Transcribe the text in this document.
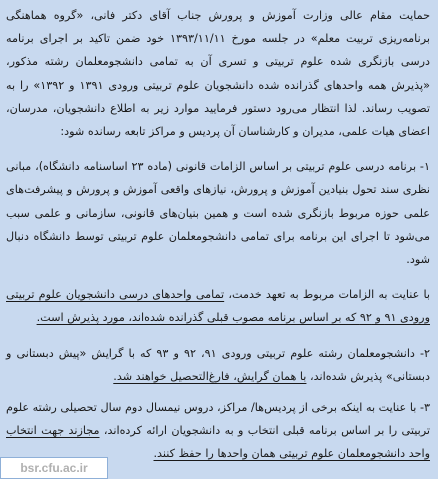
حمایت مقام عالی وزارت آموزش و پرورش جناب آقای دکتر فانی، «گروه هماهنگی برنامه‌ریزی تربیت معلم» در جلسه مورخ ۱۳۹۳/۱۱/۱۱ خود ضمن تاکید بر اجرای برنامه درسی بازنگری شده علوم تربیتی و تسری آن به تمامی دانشجومعلمان رشته مذکور، «پذیرش همه واحدهای گذرانده شده دانشجویان علوم تربیتی ورودی ۱۳۹۱ و ۱۳۹۲» را به تصویب رساند. لذا انتظار می‌رود دستور فرمایید موارد زیر به اطلاع دانشجویان، مدرسان، اعضای هیات علمی، مدیران و کارشناسان آن پردیس و مراکز تابعه رسانده شود:

۱- برنامه درسی علوم تربیتی بر اساس الزامات قانونی (ماده ۲۳ اساسنامه دانشگاه)، مبانی نظری سند تحول بنیادین آموزش و پرورش، نیازهای واقعی آموزش و پرورش و پیشرفت‌های علمی حوزه مربوط بازنگری شده است و همین بنیان‌های قانونی، سازمانی و علمی سبب می‌شود تا اجرای این برنامه برای تمامی دانشجومعلمان علوم تربیتی توسط دانشگاه دنبال شود.

با عنایت به الزامات مربوط به تعهد خدمت، تمامی واحدهای درسی دانشجویان علوم تربیتی ورودی ۹۱ و ۹۲ که بر اساس برنامه مصوب قبلی گذرانده شده‌اند، مورد پذیرش است.

۲- دانشجومعلمان رشته علوم تربیتی ورودی ۹۱، ۹۲ و ۹۳ که با گرایش «پیش دبستانی و دبستانی» پذیرش شده‌اند، با همان گرایش، فارغ‌التحصیل خواهند شد.

۳- با عنایت به اینکه برخی از پردیس‌ها/ مراکز، دروس نیمسال دوم سال تحصیلی رشته علوم تربیتی را بر اساس برنامه قبلی انتخاب و به دانشجویان ارائه کرده‌اند، مجازند جهت انتخاب واحد دانشجومعلمان علوم تربیتی همان واحدها را حفظ کنند.

bsr.cfu.ac.ir
